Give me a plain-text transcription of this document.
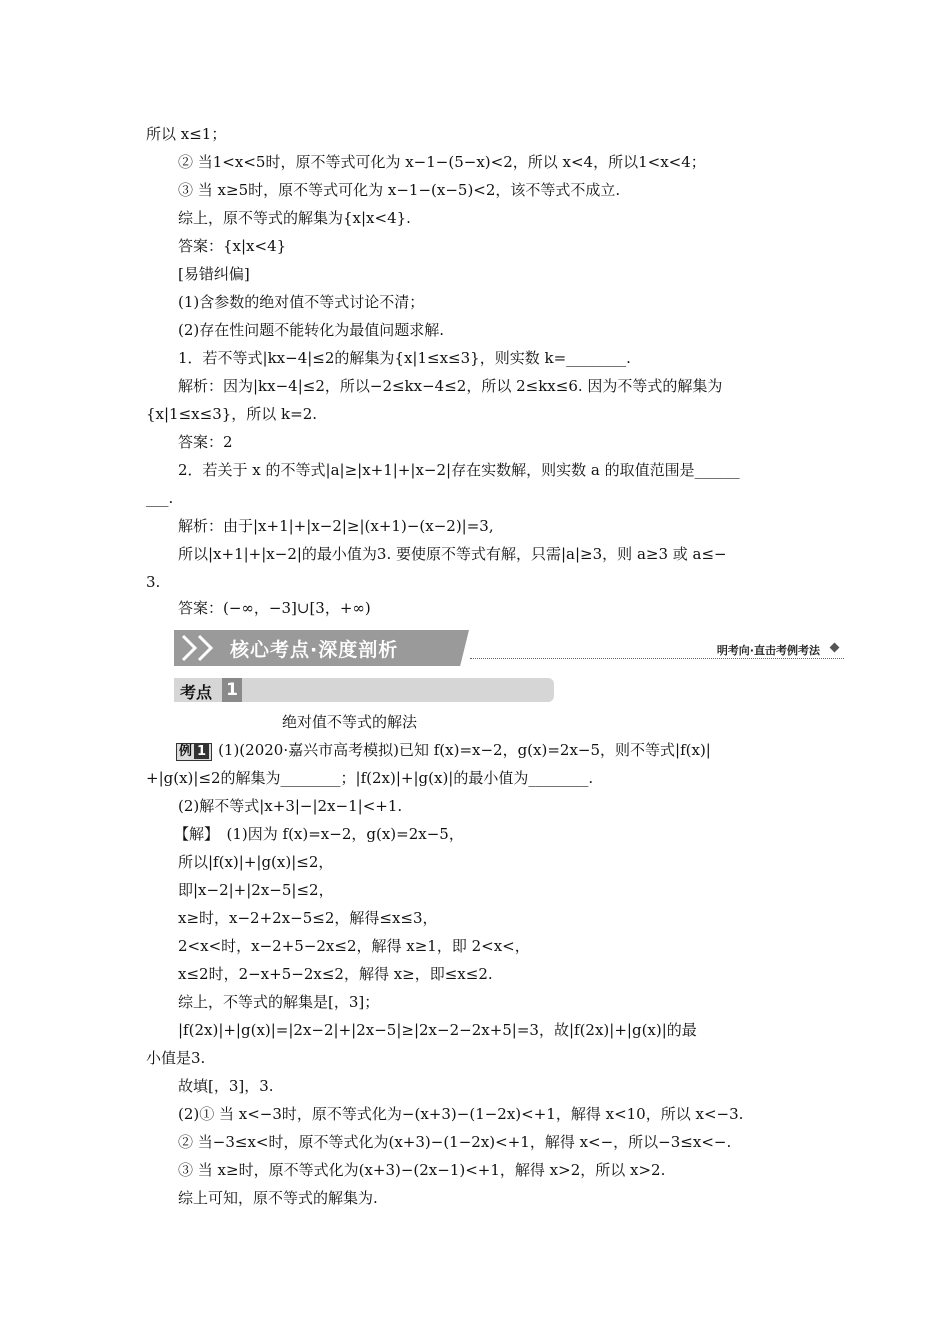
所以 x≤1；
② 当1<x<5时，原不等式可化为 x−1−(5−x)<2，所以 x<4，所以1<x<4；
③ 当 x≥5时，原不等式可化为 x−1−(x−5)<2，该不等式不成立.
综上，原不等式的解集为{x|x<4}.
答案：{x|x<4}
[易错纠偏]
(1)含参数的绝对值不等式讨论不清；
(2)存在性问题不能转化为最值问题求解.
1．若不等式|kx−4|≤2的解集为{x|1≤x≤3}，则实数 k=________.
解析：因为|kx−4|≤2，所以−2≤kx−4≤2，所以 2≤kx≤6. 因为不等式的解集为
{x|1≤x≤3}，所以 k=2.
答案：2
2．若关于 x 的不等式|a|≥|x+1|+|x−2|存在实数解，则实数 a 的取值范围是______
___.
解析：由于|x+1|+|x−2|≥|(x+1)−(x−2)|=3,
所以|x+1|+|x−2|的最小值为3. 要使原不等式有解，只需|a|≥3，则 a≥3 或 a≤−
3.
答案：(−∞，−3]∪[3，+∞)
核心考点·深度剖析	明考向·直击考例考法
考点 1
绝对值不等式的解法
例 1 (1)(2020·嘉兴市高考模拟)已知 f(x)=x−2，g(x)=2x−5，则不等式|f(x)|
+|g(x)|≤2的解集为________；|f(2x)|+|g(x)|的最小值为________.
(2)解不等式|x+3|−|2x−1|<+1.
【解】　(1)因为 f(x)=x−2，g(x)=2x−5，
所以|f(x)|+|g(x)|≤2，
即|x−2|+|2x−5|≤2，
x≥时，x−2+2x−5≤2，解得≤x≤3，
2<x<时，x−2+5−2x≤2，解得 x≥1，即 2<x<，
x≤2时，2−x+5−2x≤2，解得 x≥，即≤x≤2.
综上，不等式的解集是[，3]；
|f(2x)|+|g(x)|=|2x−2|+|2x−5|≥|2x−2−2x+5|=3，故|f(2x)|+|g(x)|的最
小值是3.
故填[，3]，3.
(2)① 当 x<−3时，原不等式化为−(x+3)−(1−2x)<+1，解得 x<10，所以 x<−3.
② 当−3≤x<时，原不等式化为(x+3)−(1−2x)<+1，解得 x<−，所以−3≤x<−.
③ 当 x≥时，原不等式化为(x+3)−(2x−1)<+1，解得 x>2，所以 x>2.
综上可知，原不等式的解集为.
